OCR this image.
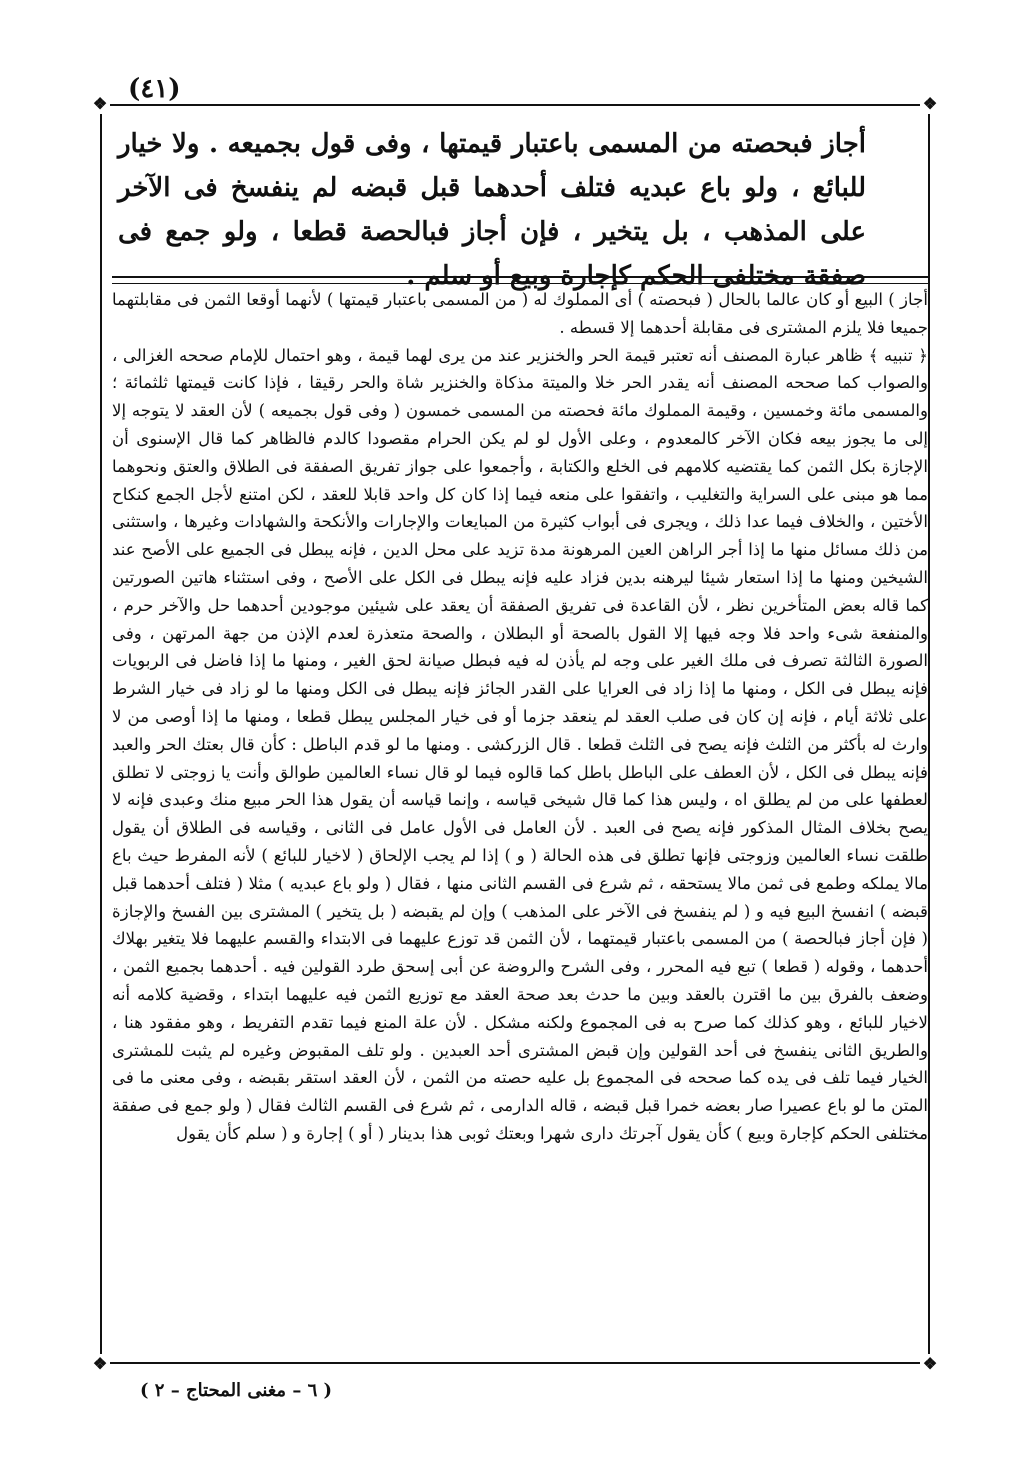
(٤١)
❖	❖
❖	❖
أجاز فبحصته من المسمى باعتبار قيمتها ، وفى قول بجميعه . ولا خيار للبائع ، ولو باع عبديه فتلف أحدهما قبل قبضه لم ينفسخ فى الآخر على المذهب ، بل يتخير ، فإن أجاز فبالحصة قطعا ، ولو جمع فى صفقة مختلفى الحكم كإجارة وبيع أو سلم .

أجاز ) البيع أو كان عالما بالحال ( فبحصته ) أى المملوك له ( من المسمى باعتبار قيمتها ) لأنهما أوقعا الثمن فى مقابلتهما جميعا فلا يلزم المشترى فى مقابلة أحدهما إلا قسطه .

﴿ تنبيه ﴾ ظاهر عبارة المصنف أنه تعتبر قيمة الحر والخنزير عند من يرى لهما قيمة ، وهو احتمال للإمام صححه الغزالى ، والصواب كما صححه المصنف أنه يقدر الحر خلا والميتة مذكاة والخنزير شاة والحر رقيقا ، فإذا كانت قيمتها ثلثمائة ؛ والمسمى مائة وخمسين ، وقيمة المملوك مائة فحصته من المسمى خمسون ( وفى قول بجميعه ) لأن العقد لا يتوجه إلا إلى ما يجوز بيعه فكان الآخر كالمعدوم ، وعلى الأول لو لم يكن الحرام مقصودا كالدم فالظاهر كما قال الإسنوى أن الإجازة بكل الثمن كما يقتضيه كلامهم فى الخلع والكتابة ، وأجمعوا على جواز تفريق الصفقة فى الطلاق والعتق ونحوهما مما هو مبنى على السراية والتغليب ، واتفقوا على منعه فيما إذا كان كل واحد قابلا للعقد ، لكن امتنع لأجل الجمع كنكاح الأختين ، والخلاف فيما عدا ذلك ، ويجرى فى أبواب كثيرة من المبايعات والإجارات والأنكحة والشهادات وغيرها ، واستثنى من ذلك مسائل منها ما إذا أجر الراهن العين المرهونة مدة تزيد على محل الدين ، فإنه يبطل فى الجميع على الأصح عند الشيخين ومنها ما إذا استعار شيئا ليرهنه بدين فزاد عليه فإنه يبطل فى الكل على الأصح ، وفى استثناء هاتين الصورتين كما قاله بعض المتأخرين نظر ، لأن القاعدة فى تفريق الصفقة أن يعقد على شيئين موجودين أحدهما حل والآخر حرم ، والمنفعة شىء واحد فلا وجه فيها إلا القول بالصحة أو البطلان ، والصحة متعذرة لعدم الإذن من جهة المرتهن ، وفى الصورة الثالثة تصرف فى ملك الغير على وجه لم يأذن له فيه فبطل صيانة لحق الغير ، ومنها ما إذا فاضل فى الربويات فإنه يبطل فى الكل ، ومنها ما إذا زاد فى العرايا على القدر الجائز فإنه يبطل فى الكل ومنها ما لو زاد فى خيار الشرط على ثلاثة أيام ، فإنه إن كان فى صلب العقد لم ينعقد جزما أو فى خيار المجلس يبطل قطعا ، ومنها ما إذا أوصى من لا وارث له بأكثر من الثلث فإنه يصح فى الثلث قطعا . قال الزركشى . ومنها ما لو قدم الباطل : كأن قال بعتك الحر والعبد فإنه يبطل فى الكل ، لأن العطف على الباطل باطل كما قالوه فيما لو قال نساء العالمين طوالق وأنت يا زوجتى لا تطلق لعطفها على من لم يطلق اه ، وليس هذا كما قال شيخى قياسه ، وإنما قياسه أن يقول هذا الحر مبيع منك وعبدى فإنه لا يصح بخلاف المثال المذكور فإنه يصح فى العبد . لأن العامل فى الأول عامل فى الثانى ، وقياسه فى الطلاق أن يقول طلقت نساء العالمين وزوجتى فإنها تطلق فى هذه الحالة ( و ) إذا لم يجب الإلحاق ( لاخيار للبائع ) لأنه المفرط حيث باع مالا يملكه وطمع فى ثمن مالا يستحقه ، ثم شرع فى القسم الثانى منها ، فقال ( ولو باع عبديه ) مثلا ( فتلف أحدهما قبل قبضه ) انفسخ البيع فيه و ( لم ينفسخ فى الآخر على المذهب ) وإن لم يقبضه ( بل يتخير ) المشترى بين الفسخ والإجازة ( فإن أجاز فبالحصة ) من المسمى باعتبار قيمتهما ، لأن الثمن قد توزع عليهما فى الابتداء والقسم عليهما فلا يتغير بهلاك أحدهما ، وقوله ( قطعا ) تبع فيه المحرر ، وفى الشرح والروضة عن أبى إسحق طرد القولين فيه . أحدهما بجميع الثمن ، وضعف بالفرق بين ما اقترن بالعقد وبين ما حدث بعد صحة العقد مع توزيع الثمن فيه عليهما ابتداء ، وقضية كلامه أنه لاخيار للبائع ، وهو كذلك كما صرح به فى المجموع ولكنه مشكل . لأن علة المنع فيما تقدم التفريط ، وهو مفقود هنا ، والطريق الثانى ينفسخ فى أحد القولين وإن قبض المشترى أحد العبدين . ولو تلف المقبوض وغيره لم يثبت للمشترى الخيار فيما تلف فى يده كما صححه فى المجموع بل عليه حصته من الثمن ، لأن العقد استقر بقبضه ، وفى معنى ما فى المتن ما لو باع عصيرا صار بعضه خمرا قبل قبضه ، قاله الدارمى ، ثم شرع فى القسم الثالث فقال ( ولو جمع فى صفقة مختلفى الحكم كإجارة وبيع ) كأن يقول آجرتك دارى شهرا وبعتك ثوبى هذا بدينار ( أو ) إجارة و ( سلم كأن يقول

( ٦ – مغنى المحتاج – ٢ )
